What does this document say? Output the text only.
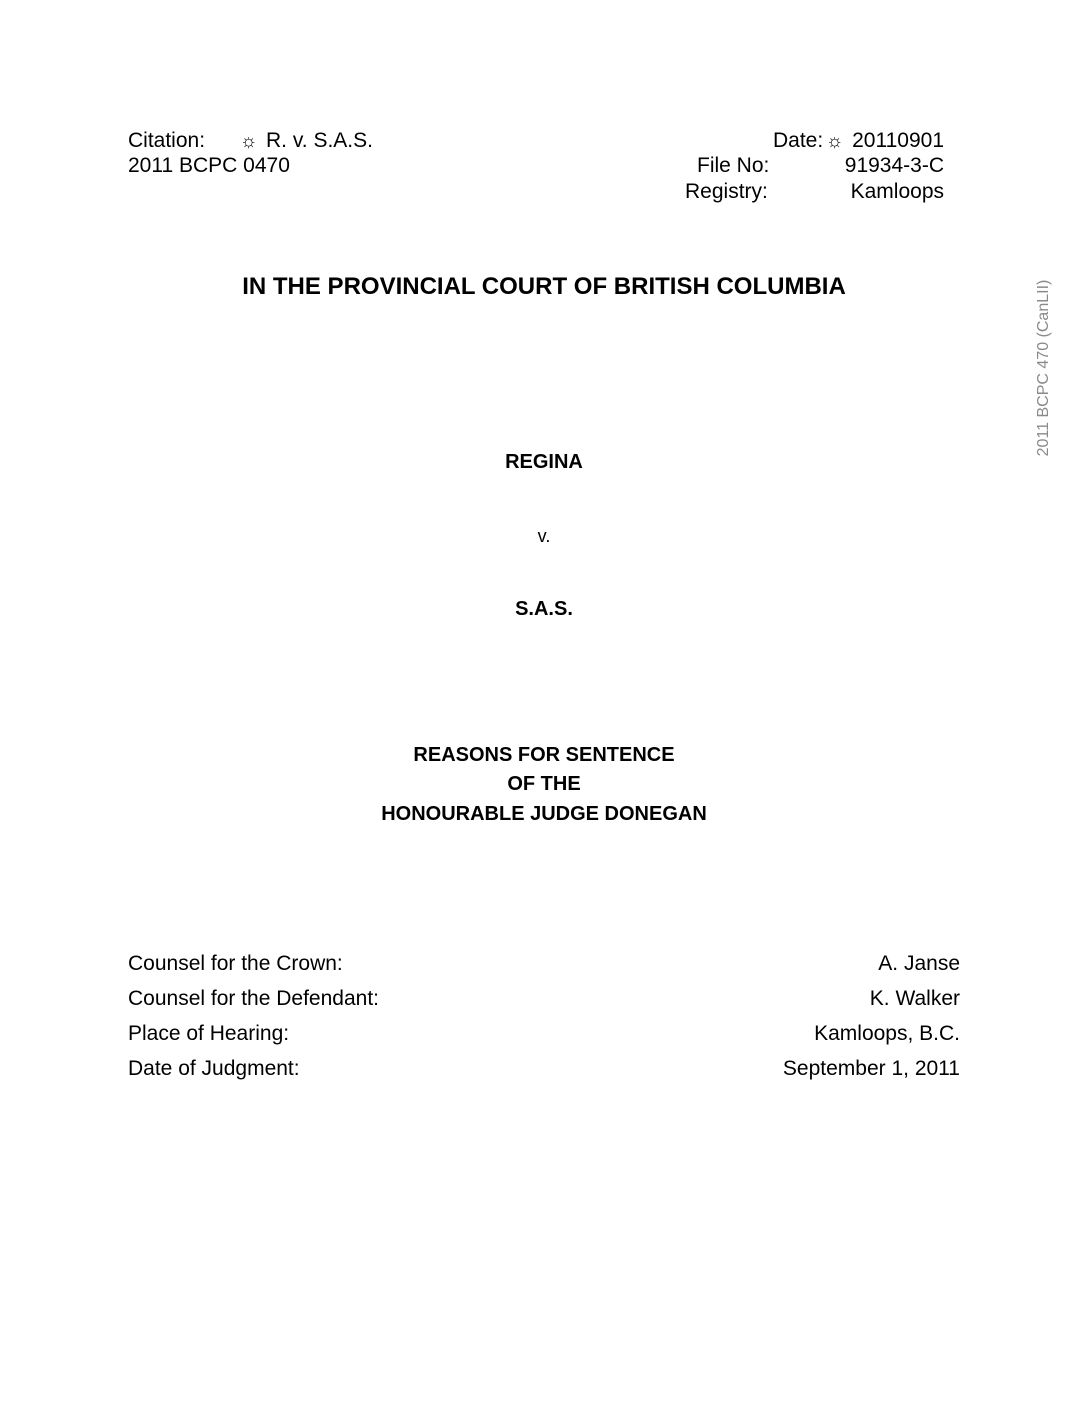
Citation: ☼ R. v. S.A.S.
2011 BCPC 0470
Date: ☼ 20110901
File No:	91934-3-C
Registry:	Kamloops
IN THE PROVINCIAL COURT OF BRITISH COLUMBIA
REGINA
v.
S.A.S.
REASONS FOR SENTENCE
OF THE
HONOURABLE JUDGE DONEGAN
Counsel for the Crown:	A. Janse
Counsel for the Defendant:	K. Walker
Place of Hearing:	Kamloops, B.C.
Date of Judgment:	September 1, 2011
2011 BCPC 470 (CanLII)
